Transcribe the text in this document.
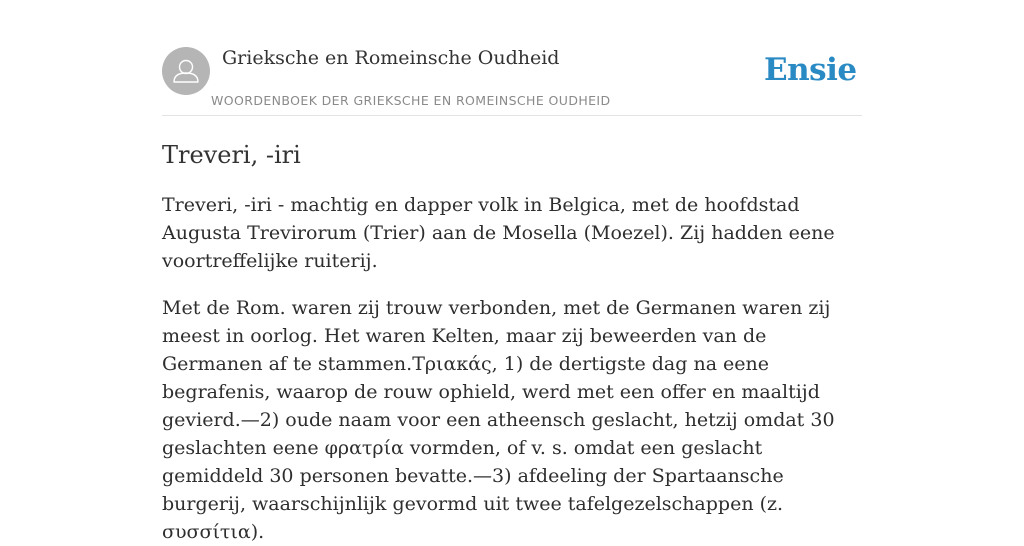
Grieksche en Romeinsche Oudheid
WOORDENBOEK DER GRIEKSCHE EN ROMEINSCHE OUDHEID
Ensie
Treveri, -iri

Treveri, -iri - machtig en dapper volk in Belgica, met de hoofdstad Augusta Trevirorum (Trier) aan de Mosella (Moezel). Zij hadden eene voortreffelijke ruiterij.

Met de Rom. waren zij trouw verbonden, met de Germanen waren zij meest in oorlog. Het waren Kelten, maar zij beweerden van de Germanen af te stammen.Τριακάς, 1) de dertigste dag na eene begrafenis, waarop de rouw ophield, werd met een offer en maaltijd gevierd.—2) oude naam voor een atheensch geslacht, hetzij omdat 30 geslachten eene φρατρία vormden, of v. s. omdat een geslacht gemiddeld 30 personen bevatte.—3) afdeeling der Spartaansche burgerij, waarschijnlijk gevormd uit twee tafelgezelschappen (z. συσσίτια).
